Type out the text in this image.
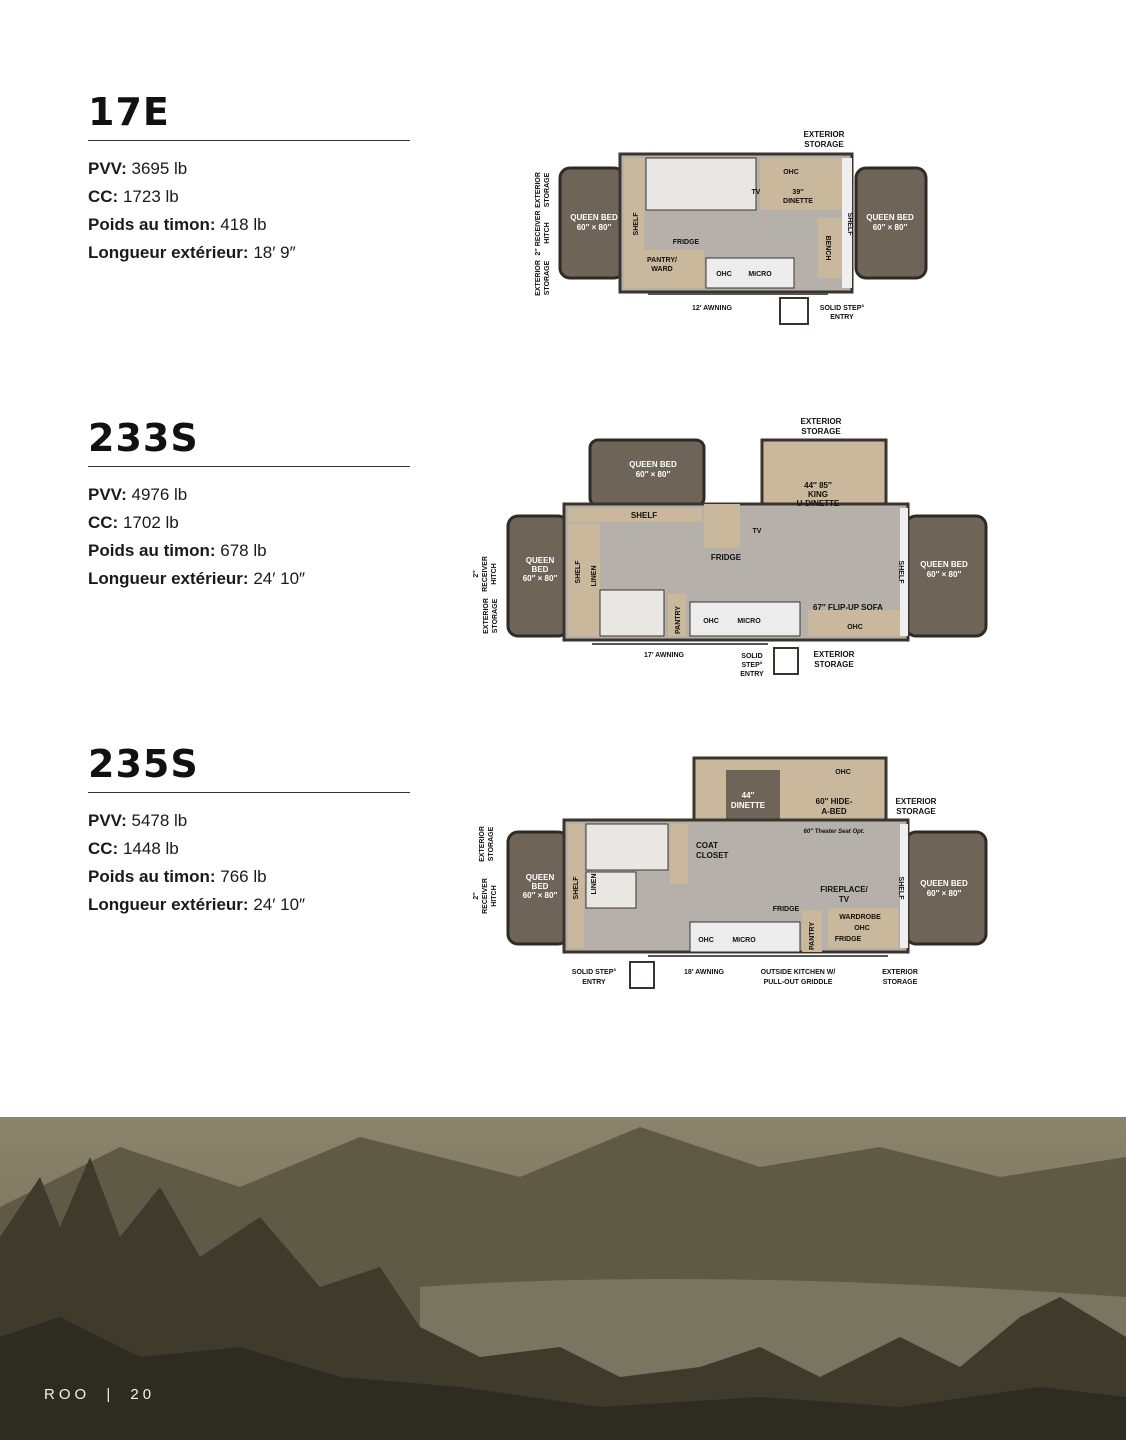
17E

PVV: 3695 lb

CC: 1723 lb

Poids au timon: 418 lb

Longueur extérieur: 18′ 9″

EXTERIOR
STORAGE
EXTERIOR STORAGE
2″ RECEIVER HITCH
EXTERIOR STORAGE
QUEEN BED
60″ × 80″
QUEEN BED
60″ × 80″
SHELF	SHELF
OHC
TV	39″
DINETTE
FRIDGE	BENCH
PANTRY/
WARD
OHC MICRO
12′ AWNING	SOLID STEP°
ENTRY
233S

PVV: 4976 lb

CC: 1702 lb

Poids au timon: 678 lb

Longueur extérieur: 24′ 10″

EXTERIOR
STORAGE
QUEEN BED
60″ × 80″
44″ 85″
KING
U-DINETTE
SHELF
TV
2″ RECEIVER HITCH
EXTERIOR STORAGE
QUEEN
BED
60″ × 80″	SHELF LINEN
FRIDGE
PANTRY	OHC	MICRO
67″ FLIP-UP SOFA
OHC
SHELF QUEEN BED
60″ × 80″
17′ AWNING	SOLID
STEP°
ENTRY
EXTERIOR
STORAGE
235S

PVV: 5478 lb

CC: 1448 lb

Poids au timon: 766 lb

Longueur extérieur: 24′ 10″

OHC
44″
DINETTE	60″ HIDE-
A-BED
60″ Theater Seat Opt.
EXTERIOR
STORAGE
EXTERIOR STORAGE
2″ RECEIVER HITCH
QUEEN
BED
60″ × 80″ SHELF LINEN
COAT
CLOSET
FIREPLACE/
TV
FRIDGE
WARDROBE
OHC
FRIDGE
OHC	MICRO	PANTRY
SHELF QUEEN BED
60″ × 80″
SOLID STEP°
ENTRY
18′ AWNING	OUTSIDE KITCHEN W/
PULL-OUT GRIDDLE
EXTERIOR
STORAGE
ROO | 20
